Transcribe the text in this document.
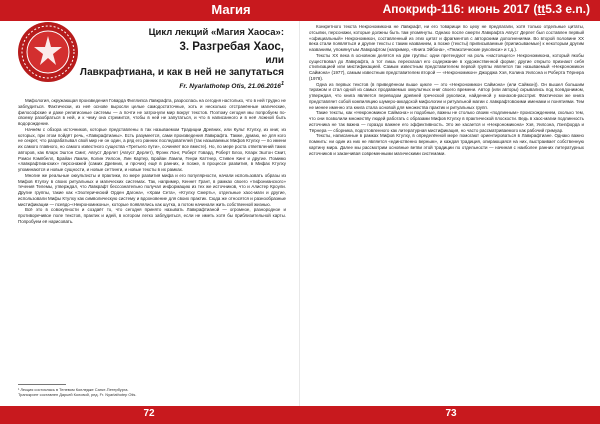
Магия	Апокриф-116: июнь 2017 (ṯṯ5.3 e.n.)
Цикл лекций «Магия Хаоса»:
3. Разгребая Хаос,
или
Лавкрафтиана, и как в ней не запутаться
Fr. Nyarlathotep Otis, 21.06.2016$^1$

Мифология, окружающая произведения Говарда Филлипса Лавкрафта, разрослась на сегодня настолько, что в ней трудно не заблудиться. Фактически, из неё основе выросли целые самодостаточные, хоть и несколько отстранённые магические, философские и даже религиозные системы — а почти не затронули мир вокруг текстов. Поэтому сегодня мы попробуем по-своему разобраться в ней, и к чему она стремится, чтобы в ней не запутаться, и что в написанного и в неё ложной быть водорождение.

Начнём с обзора источников, которые представлены в так называемом Традиции Древних, или Культ Ктулху, из книг, из которых, при этом пойдёт речь, «Лавкрафтианы». Есть разумеется, сами произведения Лавкрафта. Также, думаю, не для кого не секрет, что разрабатывал свой мир не он один, а ряд его ранних последователей (так называемых Мифов Ктулху — по имени их самого главного, но самого известного существа «Третьего пути», сочиняет все вместе). Но, по мере роста ответвлений таких авторов, как Кларк Эштон Смит, Август Дерлет (Август Дерлет), Фрэнк Лонг, Роберт Говард, Роберт Блох, Кларк Эштон Смит, Рэмси Кэмпбелл, Брайан Ламли, Колин Уилсон, Лин Картер, Брайан Ламли, Генри Каттнер, Стивен Кинг и другие. Помимо «лавкрафтианских» персонажей (самих Древних, и прочих) ещё в ранних, и позже, в процессе развития, в Мифах Ктулху упоминаются и новые сущности, и новые сеттинги, и новые тексты в их рамках.

Многие же реальные оккультисты и практики, по мере развития мифа и его популярности, начали использовать образы из Мифов Ктулху в своих ритуальных и магических системах. Так, например, Кеннет Грант, в рамках своего «тифонианского» течения Телемы, утверждал, что Лавкрафт бессознательно получал информацию из тех же источников, что и Алистер Кроули. Другие группы, такие как «Эзотерический Орден Дагона», «Храм Сета», «Ктулху Смерть», отдельные хаос-маги и другие, использовали Мифы Ктулху как символическую систему и вдохновение для своих практик. Сюда же относятся и разнообразные мистификации — псевдо-«Некрономиконы», которые появлялись как шутка, а потом начинали жить собственной жизнью.

Всё это в совокупности и создаёт то, что сегодня принято называть Лавкрафтианой — огромное, разнородное и противоречивое поле текстов, практик и идей, в котором легко заблудиться, если не иметь хотя бы приблизительной карты. Попробуем её нарисовать.

¹ Лекция состоялась в Теневом Колледже Санкт-Петербурга.
Транскрипт составлен Дарьей Коловой, ред. Fr. Nyarlathotep Otis.

Конкретного текста Некрономикона не Лавкрафт, ни его товарищи по цеху не предлагали, хотя только отдельные цитаты, отсылки, персонажи, которые должны быть там упомянуты. Однако после смерти Лавкрафта Август Дерлет был составлен первый «официальный» Некрономикон, составленный из этих цитат и фрагментов с авторскими дополнениями. Во второй половине XX века стали появляться и другие тексты с таким названием, а позже (тексты) приписываемые (приписываемые) к некоторым другим названиям, упомянутым Лавкрафтом (например, «Книга Эйбона», «Пнакотические рукописи» и т.д.).

Тексты XX века в основном делятся на две группы: одни претендуют на роль «настоящего» Некрономикона, который якобы существовал до Лавкрафта, а тот лишь пересказал его содержание в художественной форме; другие открыто признают себя стилизацией или мистификацией. Самым известным представителем первой группы является так называемый «Некрономикон Саймона» (1977), самым известным представителем второй — «Некрономикон» Джорджа Хэя, Колина Уилсона и Роберта Тёрнера (1978).

Одна из первых текстов (в приведённом выше цикле — это «Некрономикон Саймона» (или Саймон)). Он вышел большим тиражом и стал одной из самых продаваемых оккультных книг своего времени. Автор (или авторы) скрывались под псевдонимом, утверждая, что книга является переводом древней греческой рукописи, найденной у монахов-расстриг. Фактически же книга представляет собой компиляцию шумеро-аккадской мифологии и ритуальной магии с лавкрафтовскими именами и понятиями. Тем не менее именно эта книга стала основой для множества практик и ритуальных групп.

Такие тексты, как «Некрономикон Саймона» и подобные, важны не столько своим «подлинным» происхождением, сколько тем, что они позволили множеству людей работать с образами Мифов Ктулху в практической плоскости. Ведь в хаос-магии подлинность источника не так важна — гораздо важнее его эффективность. Это же касается и «Некрономикона» Хэя, Уилсона, Лэнгфорда и Тёрнера — сборника, подготовленного как литературная мистификация, но часто рассматриваемого как рабочий гримуар.

Тексты, написанные в рамках Мифов Ктулху, в определённой мере помогают ориентироваться в Лавкрафтиане. Однако важно помнить: ни один из них не является «единственно верным», и каждая традиция, опирающаяся на них, выстраивает собственную картину мира. Далее мы рассмотрим основные ветви этой традиции по отдельности — начиная с наиболее ранних литературных источников и заканчивая современными магическими системами.

72	73
